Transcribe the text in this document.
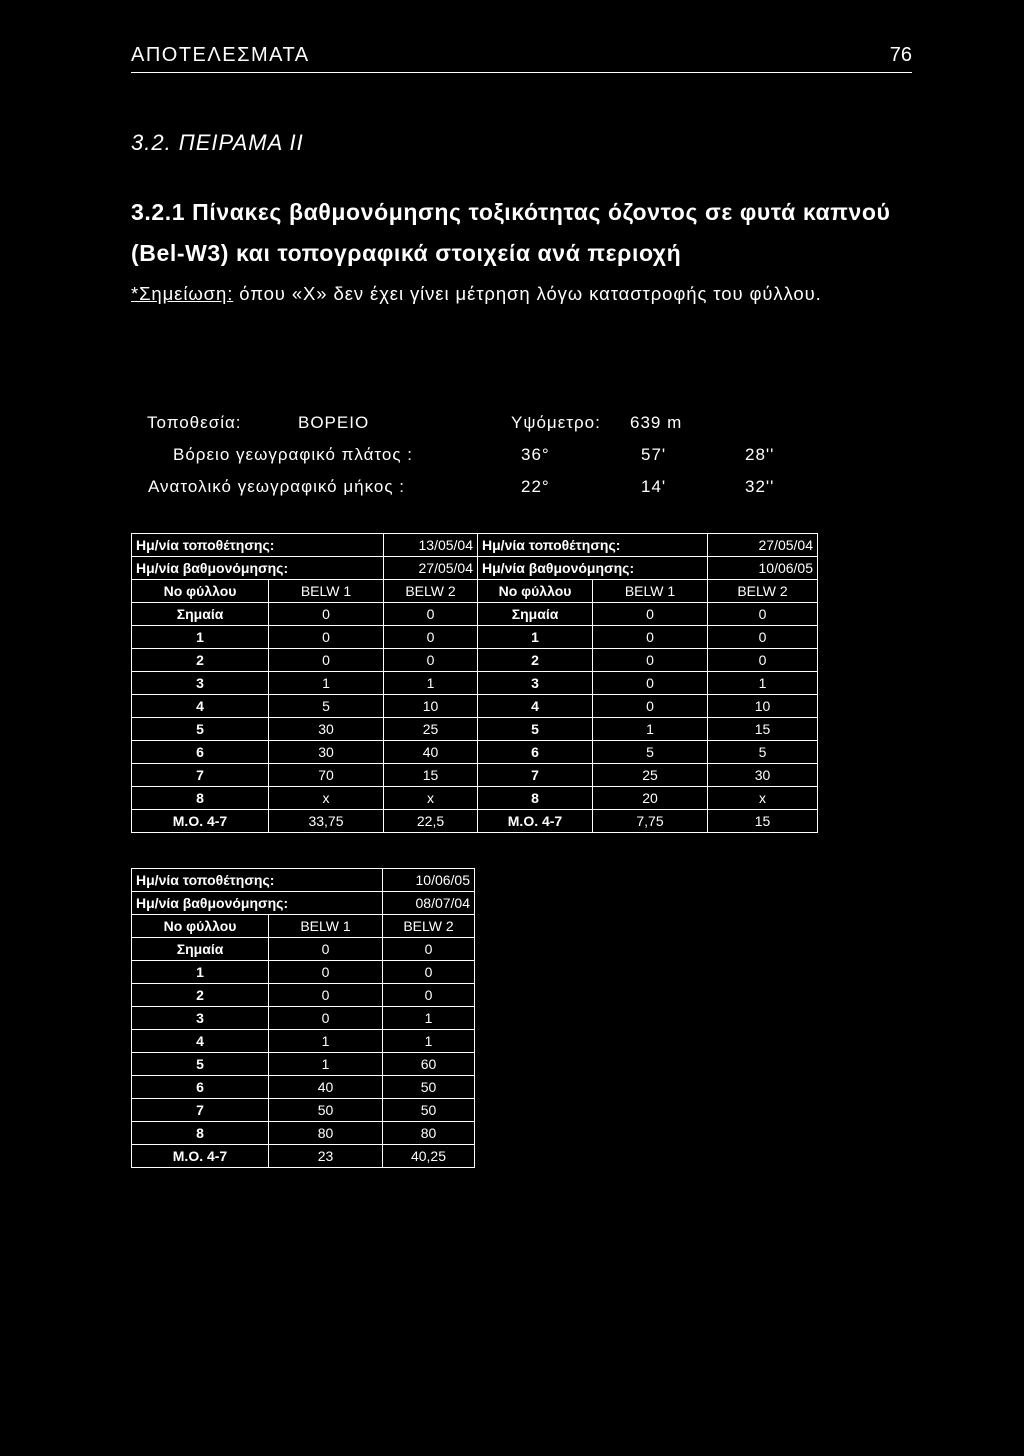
ΑΠΟΤΕΛΕΣΜΑΤΑ	76
3.2. ΠΕΙΡΑΜΑ ΙΙ
3.2.1 Πίνακες βαθμονόμησης τοξικότητας όζοντος σε φυτά καπνού (Bel-W3) και τοπογραφικά στοιχεία ανά περιοχή
*Σημείωση: όπου «Χ» δεν έχει γίνει μέτρηση λόγω καταστροφής του φύλλου.
Τοποθεσία:	ΒΟΡΕΙΟ	Υψόμετρο: 639 m
Βόρειο γεωγραφικό πλάτος :	36°	57'	28''
Ανατολικό γεωγραφικό μήκος :	22°	14'	32''
Ημ/νία τοποθέτησης:		13/05/04	Ημ/νία τοποθέτησης:		27/05/04
Ημ/νία βαθμονόμησης:		27/05/04	Ημ/νία βαθμονόμησης:		10/06/05
Νο φύλλου	BELW 1	BELW 2	Νο φύλλου	BELW 1	BELW 2
Σημαία	0	0	Σημαία	0	0
1	0	0	1	0	0
2	0	0	2	0	0
3	1	1	3	0	1
4	5	10	4	0	10
5	30	25	5	1	15
6	30	40	6	5	5
7	70	15	7	25	30
8	x	x	8	20	x
Μ.Ο. 4-7	33,75	22,5	Μ.Ο. 4-7	7,75	15
Ημ/νία τοποθέτησης:		10/06/05
Ημ/νία βαθμονόμησης:		08/07/04
Νο φύλλου	BELW 1	BELW 2
Σημαία	0	0
1	0	0
2	0	0
3	0	1
4	1	1
5	1	60
6	40	50
7	50	50
8	80	80
Μ.Ο. 4-7	23	40,25
